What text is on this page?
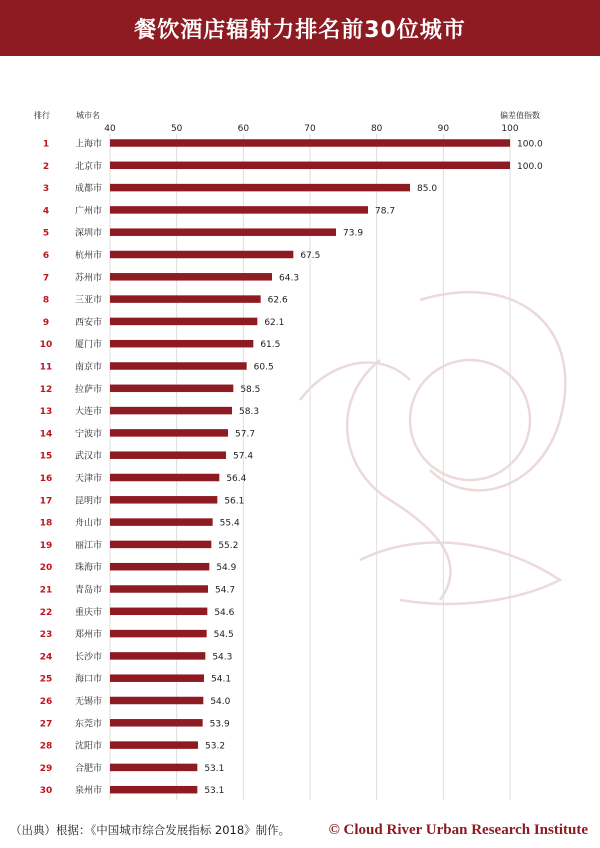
餐饮酒店辐射力排名前30位城市
40	50	60	70	80	90	100
排行	城市名	偏差值指数
1	上海市	100.0
2	北京市	100.0
3	成都市	85.0
4	广州市	78.7
5	深圳市	73.9
6	杭州市	67.5
7	苏州市	64.3
8	三亚市	62.6
9	西安市	62.1
10	厦门市	61.5
11	南京市	60.5
12	拉萨市	58.5
13	大连市	58.3
14	宁波市	57.7
15	武汉市	57.4
16	天津市	56.4
17	昆明市	56.1
18	舟山市	55.4
19	丽江市	55.2
20	珠海市	54.9
21	青岛市	54.7
22	重庆市	54.6
23	郑州市	54.5
24	长沙市	54.3
25	海口市	54.1
26	无锡市	54.0
27	东莞市	53.9
28	沈阳市	53.2
29	合肥市	53.1
30	泉州市	53.1
（出典）根据：《中国城市综合发展指标 2018》制作。	© Cloud River Urban Research Institute
